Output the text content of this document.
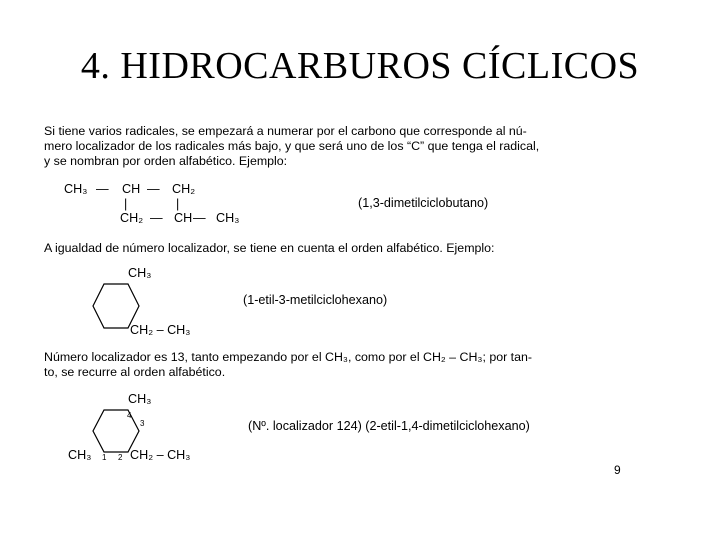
4. HIDROCARBUROS CÍCLICOS
Si tiene varios radicales, se empezará a numerar por el carbono que corresponde al nú-
mero localizador de los radicales más bajo, y que será uno de los “C” que tenga el radical,
y se nombran por orden alfabético. Ejemplo:
CH₃ — CH — CH₂
|	|
CH₂ — CH — CH₃
(1,3-dimetilciclobutano)
A igualdad de número localizador, se tiene en cuenta el orden alfabético. Ejemplo:
CH₃
CH₂ – CH₃
(1-etil-3-metilciclohexano)
Número localizador es 13, tanto empezando por el CH₃, como por el CH₂ – CH₃; por tan-
to, se recurre al orden alfabético.
CH₃
4
3
CH₃ 1 2 CH₂ – CH₃
(Nº. localizador 124) (2-etil-1,4-dimetilciclohexano)
9
